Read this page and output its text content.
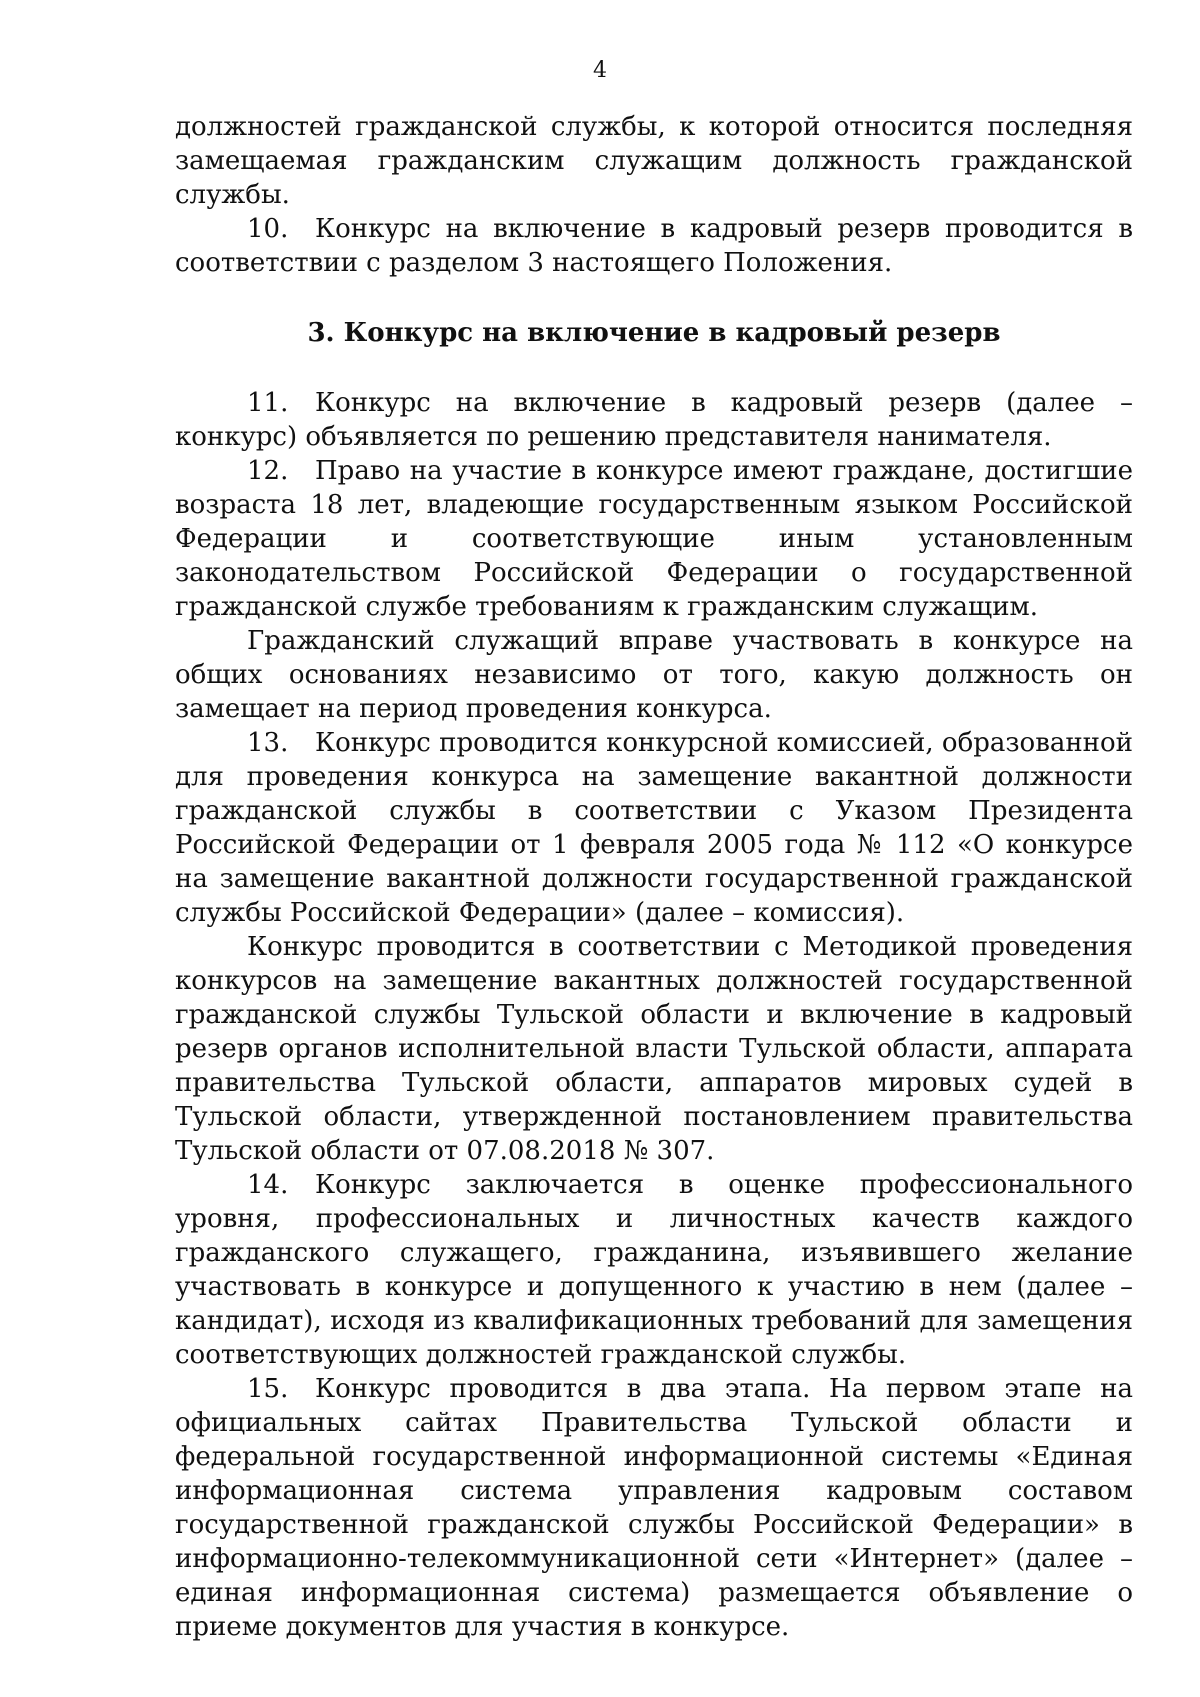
4

должностей гражданской службы, к которой относится последняя замещаемая гражданским служащим должность гражданской службы.

10. Конкурс на включение в кадровый резерв проводится в соответствии с разделом 3 настоящего Положения.

3. Конкурс на включение в кадровый резерв

11. Конкурс на включение в кадровый резерв (далее – конкурс) объявляется по решению представителя нанимателя.

12. Право на участие в конкурсе имеют граждане, достигшие возраста 18 лет, владеющие государственным языком Российской Федерации и соответствующие иным установленным законодательством Российской Федерации о государственной гражданской службе требованиям к гражданским служащим.

Гражданский служащий вправе участвовать в конкурсе на общих основаниях независимо от того, какую должность он замещает на период проведения конкурса.

13. Конкурс проводится конкурсной комиссией, образованной для проведения конкурса на замещение вакантной должности гражданской службы в соответствии с Указом Президента Российской Федерации от 1 февраля 2005 года № 112 «О конкурсе на замещение вакантной должности государственной гражданской службы Российской Федерации» (далее – комиссия).

Конкурс проводится в соответствии с Методикой проведения конкурсов на замещение вакантных должностей государственной гражданской службы Тульской области и включение в кадровый резерв органов исполнительной власти Тульской области, аппарата правительства Тульской области, аппаратов мировых судей в Тульской области, утвержденной постановлением правительства Тульской области от 07.08.2018 № 307.

14. Конкурс заключается в оценке профессионального уровня, профессиональных и личностных качеств каждого гражданского служащего, гражданина, изъявившего желание участвовать в конкурсе и допущенного к участию в нем (далее – кандидат), исходя из квалификационных требований для замещения соответствующих должностей гражданской службы.

15. Конкурс проводится в два этапа. На первом этапе на официальных сайтах Правительства Тульской области и федеральной государственной информационной системы «Единая информационная система управления кадровым составом государственной гражданской службы Российской Федерации» в информационно-телекоммуникационной сети «Интернет» (далее – единая информационная система) размещается объявление о приеме документов для участия в конкурсе.
